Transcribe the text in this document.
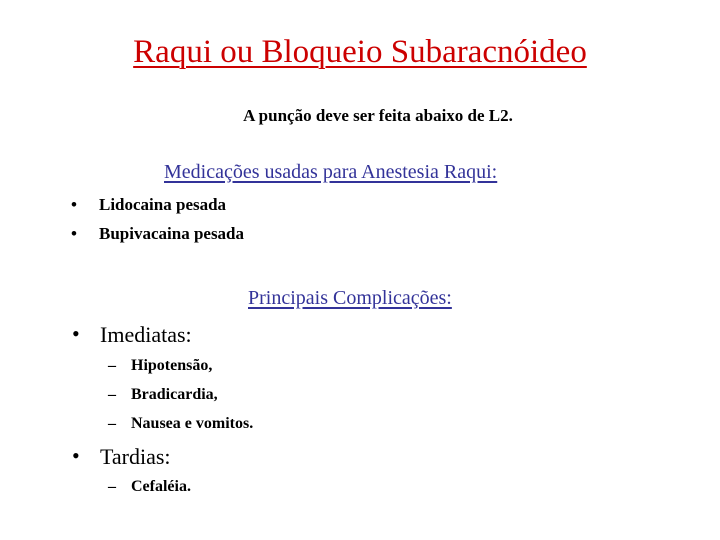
Raqui ou Bloqueio Subaracnóideo
A punção deve ser feita abaixo de L2.
Medicações usadas para Anestesia Raqui:
• Lidocaina pesada
• Bupivacaina pesada
Principais Complicações:
• Imediatas:
– Hipotensão,
– Bradicardia,
– Nausea e vomitos.
• Tardias:
– Cefaléia.
